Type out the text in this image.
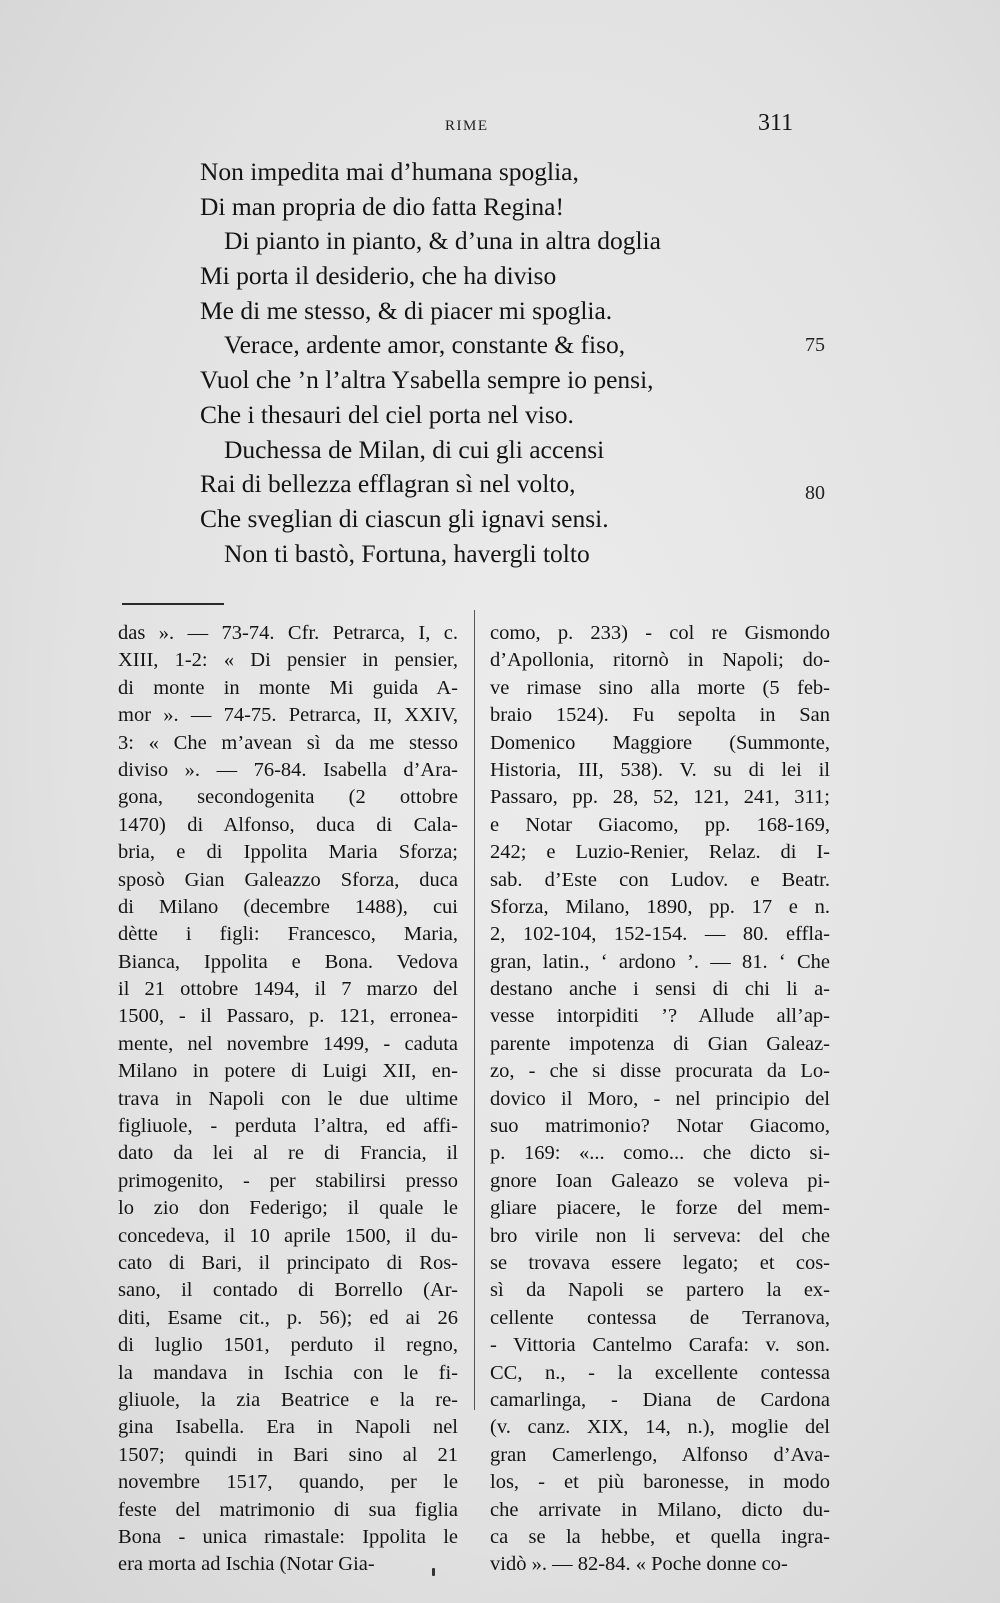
RIME	311
Non impedita mai d’humana spoglia,
Di man propria de dio fatta Regina!
Di pianto in pianto, & d’una in altra doglia
Mi porta il desiderio, che ha diviso
Me di me stesso, & di piacer mi spoglia.
Verace, ardente amor, constante & fiso,
Vuol che ’n l’altra Ysabella sempre io pensi,
Che i thesauri del ciel porta nel viso.
Duchessa de Milan, di cui gli accensi
Rai di bellezza efflagran sì nel volto,
Che sveglian di ciascun gli ignavi sensi.
Non ti bastò, Fortuna, havergli tolto
75
80
das ». — 73-74. Cfr. Petrarca, I, c.
XIII, 1-2: « Di pensier in pensier,
di monte in monte Mi guida A-
mor ». — 74-75. Petrarca, II, XXIV,
3: « Che m’avean sì da me stesso
diviso ». — 76-84. Isabella d’Ara-
gona, secondogenita (2 ottobre
1470) di Alfonso, duca di Cala-
bria, e di Ippolita Maria Sforza;
sposò Gian Galeazzo Sforza, duca
di Milano (decembre 1488), cui
dètte i figli: Francesco, Maria,
Bianca, Ippolita e Bona. Vedova
il 21 ottobre 1494, il 7 marzo del
1500, - il Passaro, p. 121, erronea-
mente, nel novembre 1499, - caduta
Milano in potere di Luigi XII, en-
trava in Napoli con le due ultime
figliuole, - perduta l’altra, ed affi-
dato da lei al re di Francia, il
primogenito, - per stabilirsi presso
lo zio don Federigo; il quale le
concedeva, il 10 aprile 1500, il du-
cato di Bari, il principato di Ros-
sano, il contado di Borrello (Ar-
diti, Esame cit., p. 56); ed ai 26
di luglio 1501, perduto il regno,
la mandava in Ischia con le fi-
gliuole, la zia Beatrice e la re-
gina Isabella. Era in Napoli nel
1507; quindi in Bari sino al 21
novembre 1517, quando, per le
feste del matrimonio di sua figlia
Bona - unica rimastale: Ippolita le
era morta ad Ischia (Notar Gia-
como, p. 233) - col re Gismondo
d’Apollonia, ritornò in Napoli; do-
ve rimase sino alla morte (5 feb-
braio 1524). Fu sepolta in San
Domenico Maggiore (Summonte,
Historia, III, 538). V. su di lei il
Passaro, pp. 28, 52, 121, 241, 311;
e Notar Giacomo, pp. 168-169,
242; e Luzio-Renier, Relaz. di I-
sab. d’Este con Ludov. e Beatr.
Sforza, Milano, 1890, pp. 17 e n.
2, 102-104, 152-154. — 80. effla-
gran, latin., ‘ ardono ’. — 81. ‘ Che
destano anche i sensi di chi li a-
vesse intorpiditi ’? Allude all’ap-
parente impotenza di Gian Galeaz-
zo, - che si disse procurata da Lo-
dovico il Moro, - nel principio del
suo matrimonio? Notar Giacomo,
p. 169: «... como... che dicto si-
gnore Ioan Galeazo se voleva pi-
gliare piacere, le forze del mem-
bro virile non li serveva: del che
se trovava essere legato; et cos-
sì da Napoli se partero la ex-
cellente contessa de Terranova,
- Vittoria Cantelmo Carafa: v. son.
CC, n., - la excellente contessa
camarlinga, - Diana de Cardona
(v. canz. XIX, 14, n.), moglie del
gran Camerlengo, Alfonso d’Ava-
los, - et più baronesse, in modo
che arrivate in Milano, dicto du-
ca se la hebbe, et quella ingra-
vidò ». — 82-84. « Poche donne co-
